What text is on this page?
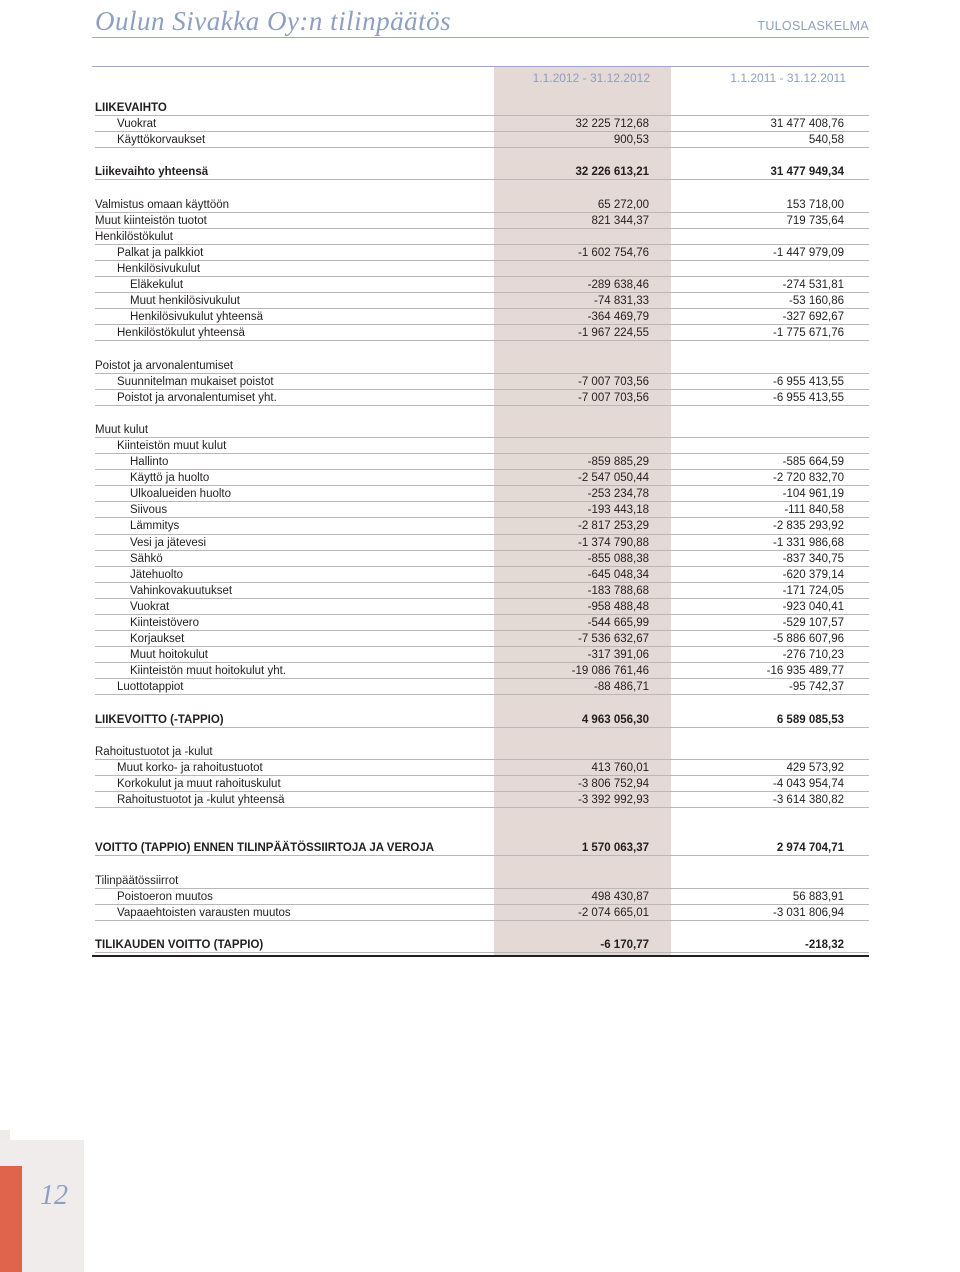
Oulun Sivakka Oy:n tilinpäätös	TULOSLASKELMA
1.1.2012 - 31.12.2012	1.1.2011 - 31.12.2011
LIIKEVAIHTO
Vuokrat	32 225 712,68	31 477 408,76
Käyttökorvaukset	900,53	540,58
Liikevaihto yhteensä	32 226 613,21	31 477 949,34
Valmistus omaan käyttöön	65 272,00	153 718,00
Muut kiinteistön tuotot	821 344,37	719 735,64
Henkilöstökulut
Palkat ja palkkiot	-1 602 754,76	-1 447 979,09
Henkilösivukulut
Eläkekulut	-289 638,46	-274 531,81
Muut henkilösivukulut	-74 831,33	-53 160,86
Henkilösivukulut yhteensä	-364 469,79	-327 692,67
Henkilöstökulut yhteensä	-1 967 224,55	-1 775 671,76
Poistot ja arvonalentumiset
Suunnitelman mukaiset poistot	-7 007 703,56	-6 955 413,55
Poistot ja arvonalentumiset yht.	-7 007 703,56	-6 955 413,55
Muut kulut
Kiinteistön muut kulut
Hallinto	-859 885,29	-585 664,59
Käyttö ja huolto	-2 547 050,44	-2 720 832,70
Ulkoalueiden huolto	-253 234,78	-104 961,19
Siivous	-193 443,18	-111 840,58
Lämmitys	-2 817 253,29	-2 835 293,92
Vesi ja jätevesi	-1 374 790,88	-1 331 986,68
Sähkö	-855 088,38	-837 340,75
Jätehuolto	-645 048,34	-620 379,14
Vahinkovakuutukset	-183 788,68	-171 724,05
Vuokrat	-958 488,48	-923 040,41
Kiinteistövero	-544 665,99	-529 107,57
Korjaukset	-7 536 632,67	-5 886 607,96
Muut hoitokulut	-317 391,06	-276 710,23
Kiinteistön muut hoitokulut yht.	-19 086 761,46	-16 935 489,77
Luottotappiot	-88 486,71	-95 742,37
LIIKEVOITTO (-TAPPIO)	4 963 056,30	6 589 085,53
Rahoitustuotot ja -kulut
Muut korko- ja rahoitustuotot	413 760,01	429 573,92
Korkokulut ja muut rahoituskulut	-3 806 752,94	-4 043 954,74
Rahoitustuotot ja -kulut yhteensä	-3 392 992,93	-3 614 380,82
VOITTO (TAPPIO) ENNEN TILINPÄÄTÖSSIIRTOJA JA VEROJA	1 570 063,37	2 974 704,71
Tilinpäätössiirrot
Poistoeron muutos	498 430,87	56 883,91
Vapaaehtoisten varausten muutos	-2 074 665,01	-3 031 806,94
TILIKAUDEN VOITTO (TAPPIO)	-6 170,77	-218,32
12
